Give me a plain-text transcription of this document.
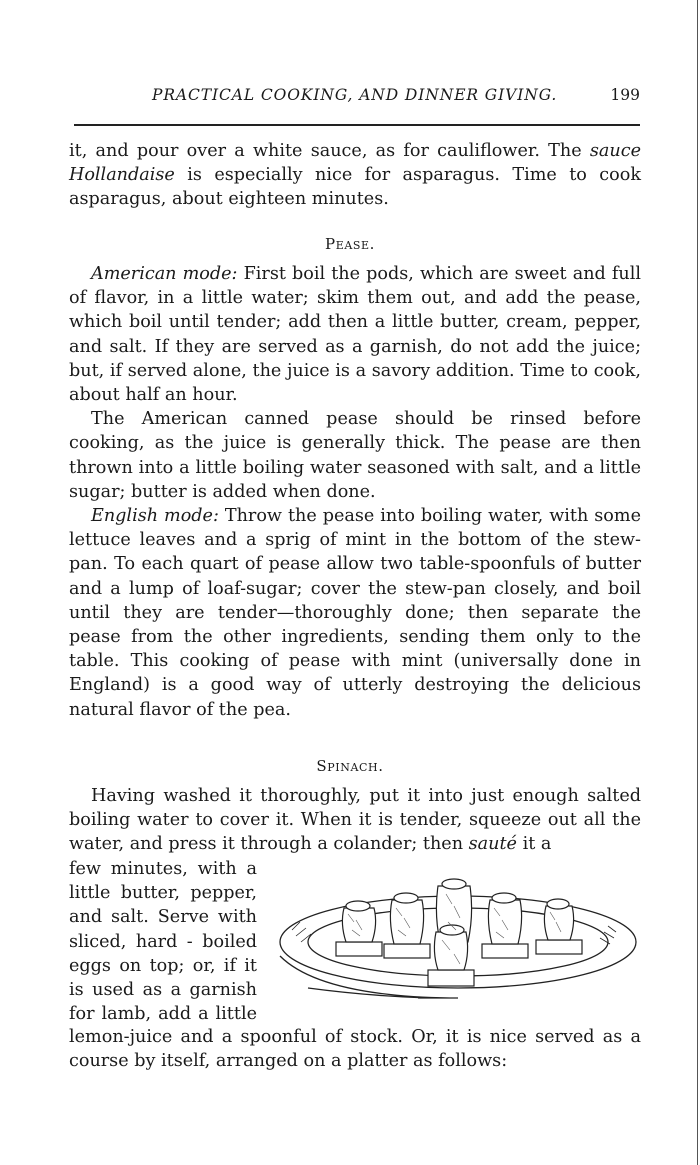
PRACTICAL COOKING, AND DINNER GIVING.	199

it, and pour over a white sauce, as for cauliflower. The sauce Hollandaise is especially nice for asparagus. Time to cook asparagus, about eighteen minutes.

Pease.

American mode: First boil the pods, which are sweet and full of flavor, in a little water; skim them out, and add the pease, which boil until tender; add then a little butter, cream, pepper, and salt. If they are served as a garnish, do not add the juice; but, if served alone, the juice is a savory addition. Time to cook, about half an hour.

The American canned pease should be rinsed before cooking, as the juice is generally thick. The pease are then thrown into a little boiling water seasoned with salt, and a little sugar; butter is added when done.

English mode: Throw the pease into boiling water, with some lettuce leaves and a sprig of mint in the bottom of the stew-pan. To each quart of pease allow two table-spoonfuls of butter and a lump of loaf-sugar; cover the stew-pan closely, and boil until they are tender—thoroughly done; then separate the pease from the other ingredients, sending them only to the table. This cooking of pease with mint (universally done in England) is a good way of utterly destroying the delicious natural flavor of the pea.

Spinach.

Having washed it thoroughly, put it into just enough salted boiling water to cover it. When it is tender, squeeze out all the water, and press it through a colander; then sauté it a

few minutes, with a
little butter, pepper,
and salt. Serve with
sliced, hard - boiled
eggs on top; or, if it
is used as a garnish
for lamb, add a little

lemon-juice and a spoonful of stock. Or, it is nice served as a course by itself, arranged on a platter as follows:
